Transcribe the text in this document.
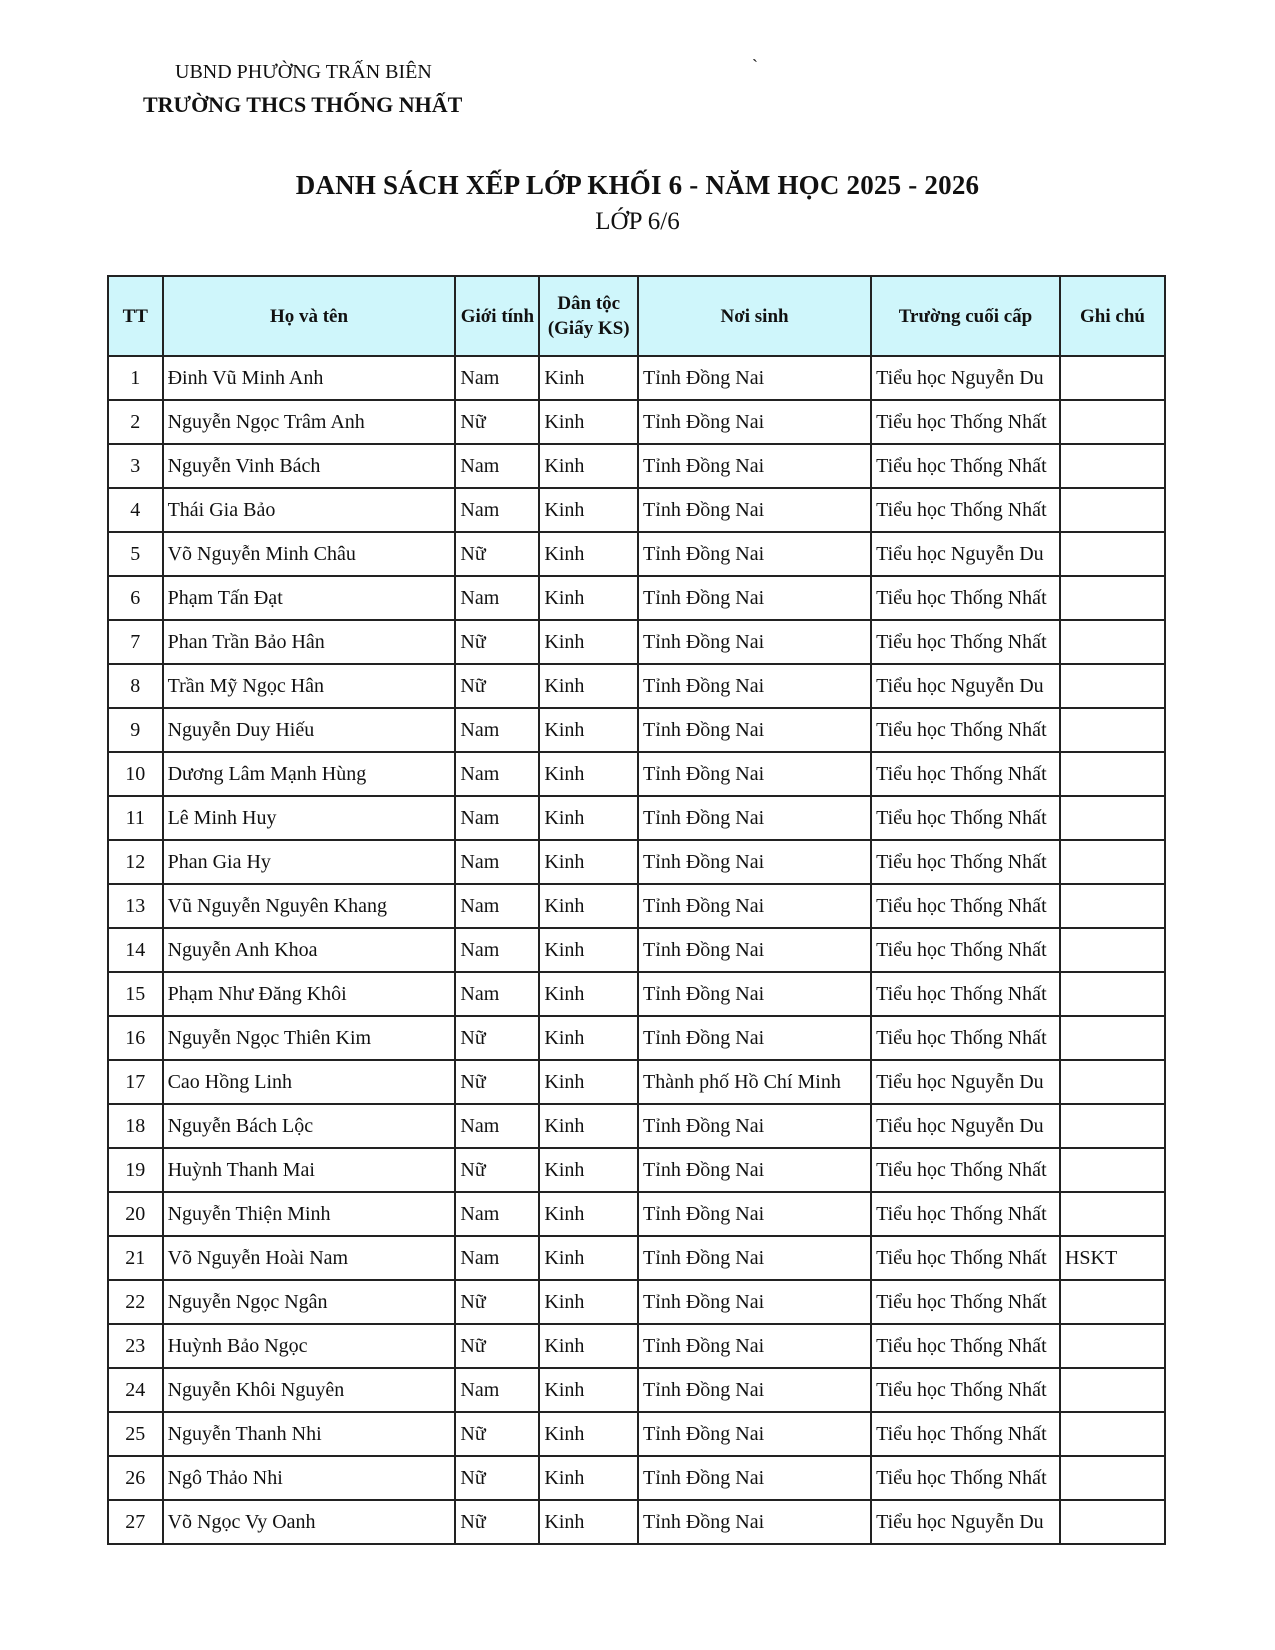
UBND PHƯỜNG TRẤN BIÊN
TRƯỜNG THCS THỐNG NHẤT
`
DANH SÁCH XẾP LỚP KHỐI 6 - NĂM HỌC 2025 - 2026
LỚP 6/6
TT	Họ và tên	Giới tính	Dân tộc (Giấy KS)	Nơi sinh	Trường cuối cấp	Ghi chú
1	Đinh Vũ Minh Anh	Nam	Kinh	Tỉnh Đồng Nai	Tiểu học Nguyễn Du	
2	Nguyễn Ngọc Trâm Anh	Nữ	Kinh	Tỉnh Đồng Nai	Tiểu học Thống Nhất	
3	Nguyễn Vinh Bách	Nam	Kinh	Tỉnh Đồng Nai	Tiểu học Thống Nhất	
4	Thái Gia Bảo	Nam	Kinh	Tỉnh Đồng Nai	Tiểu học Thống Nhất	
5	Võ Nguyễn Minh Châu	Nữ	Kinh	Tỉnh Đồng Nai	Tiểu học Nguyễn Du	
6	Phạm Tấn Đạt	Nam	Kinh	Tỉnh Đồng Nai	Tiểu học Thống Nhất	
7	Phan Trần Bảo Hân	Nữ	Kinh	Tỉnh Đồng Nai	Tiểu học Thống Nhất	
8	Trần Mỹ Ngọc Hân	Nữ	Kinh	Tỉnh Đồng Nai	Tiểu học Nguyễn Du	
9	Nguyễn Duy Hiếu	Nam	Kinh	Tỉnh Đồng Nai	Tiểu học Thống Nhất	
10	Dương Lâm Mạnh Hùng	Nam	Kinh	Tỉnh Đồng Nai	Tiểu học Thống Nhất	
11	Lê Minh Huy	Nam	Kinh	Tỉnh Đồng Nai	Tiểu học Thống Nhất	
12	Phan Gia Hy	Nam	Kinh	Tỉnh Đồng Nai	Tiểu học Thống Nhất	
13	Vũ Nguyễn Nguyên Khang	Nam	Kinh	Tỉnh Đồng Nai	Tiểu học Thống Nhất	
14	Nguyễn Anh Khoa	Nam	Kinh	Tỉnh Đồng Nai	Tiểu học Thống Nhất	
15	Phạm Như Đăng Khôi	Nam	Kinh	Tỉnh Đồng Nai	Tiểu học Thống Nhất	
16	Nguyễn Ngọc Thiên Kim	Nữ	Kinh	Tỉnh Đồng Nai	Tiểu học Thống Nhất	
17	Cao Hồng Linh	Nữ	Kinh	Thành phố Hồ Chí Minh	Tiểu học Nguyễn Du	
18	Nguyễn Bách Lộc	Nam	Kinh	Tỉnh Đồng Nai	Tiểu học Nguyễn Du	
19	Huỳnh Thanh Mai	Nữ	Kinh	Tỉnh Đồng Nai	Tiểu học Thống Nhất	
20	Nguyễn Thiện Minh	Nam	Kinh	Tỉnh Đồng Nai	Tiểu học Thống Nhất	
21	Võ Nguyễn Hoài Nam	Nam	Kinh	Tỉnh Đồng Nai	Tiểu học Thống Nhất	HSKT
22	Nguyễn Ngọc Ngân	Nữ	Kinh	Tỉnh Đồng Nai	Tiểu học Thống Nhất	
23	Huỳnh Bảo Ngọc	Nữ	Kinh	Tỉnh Đồng Nai	Tiểu học Thống Nhất	
24	Nguyễn Khôi Nguyên	Nam	Kinh	Tỉnh Đồng Nai	Tiểu học Thống Nhất	
25	Nguyễn Thanh Nhi	Nữ	Kinh	Tỉnh Đồng Nai	Tiểu học Thống Nhất	
26	Ngô Thảo Nhi	Nữ	Kinh	Tỉnh Đồng Nai	Tiểu học Thống Nhất	
27	Võ Ngọc Vy Oanh	Nữ	Kinh	Tỉnh Đồng Nai	Tiểu học Nguyễn Du	
